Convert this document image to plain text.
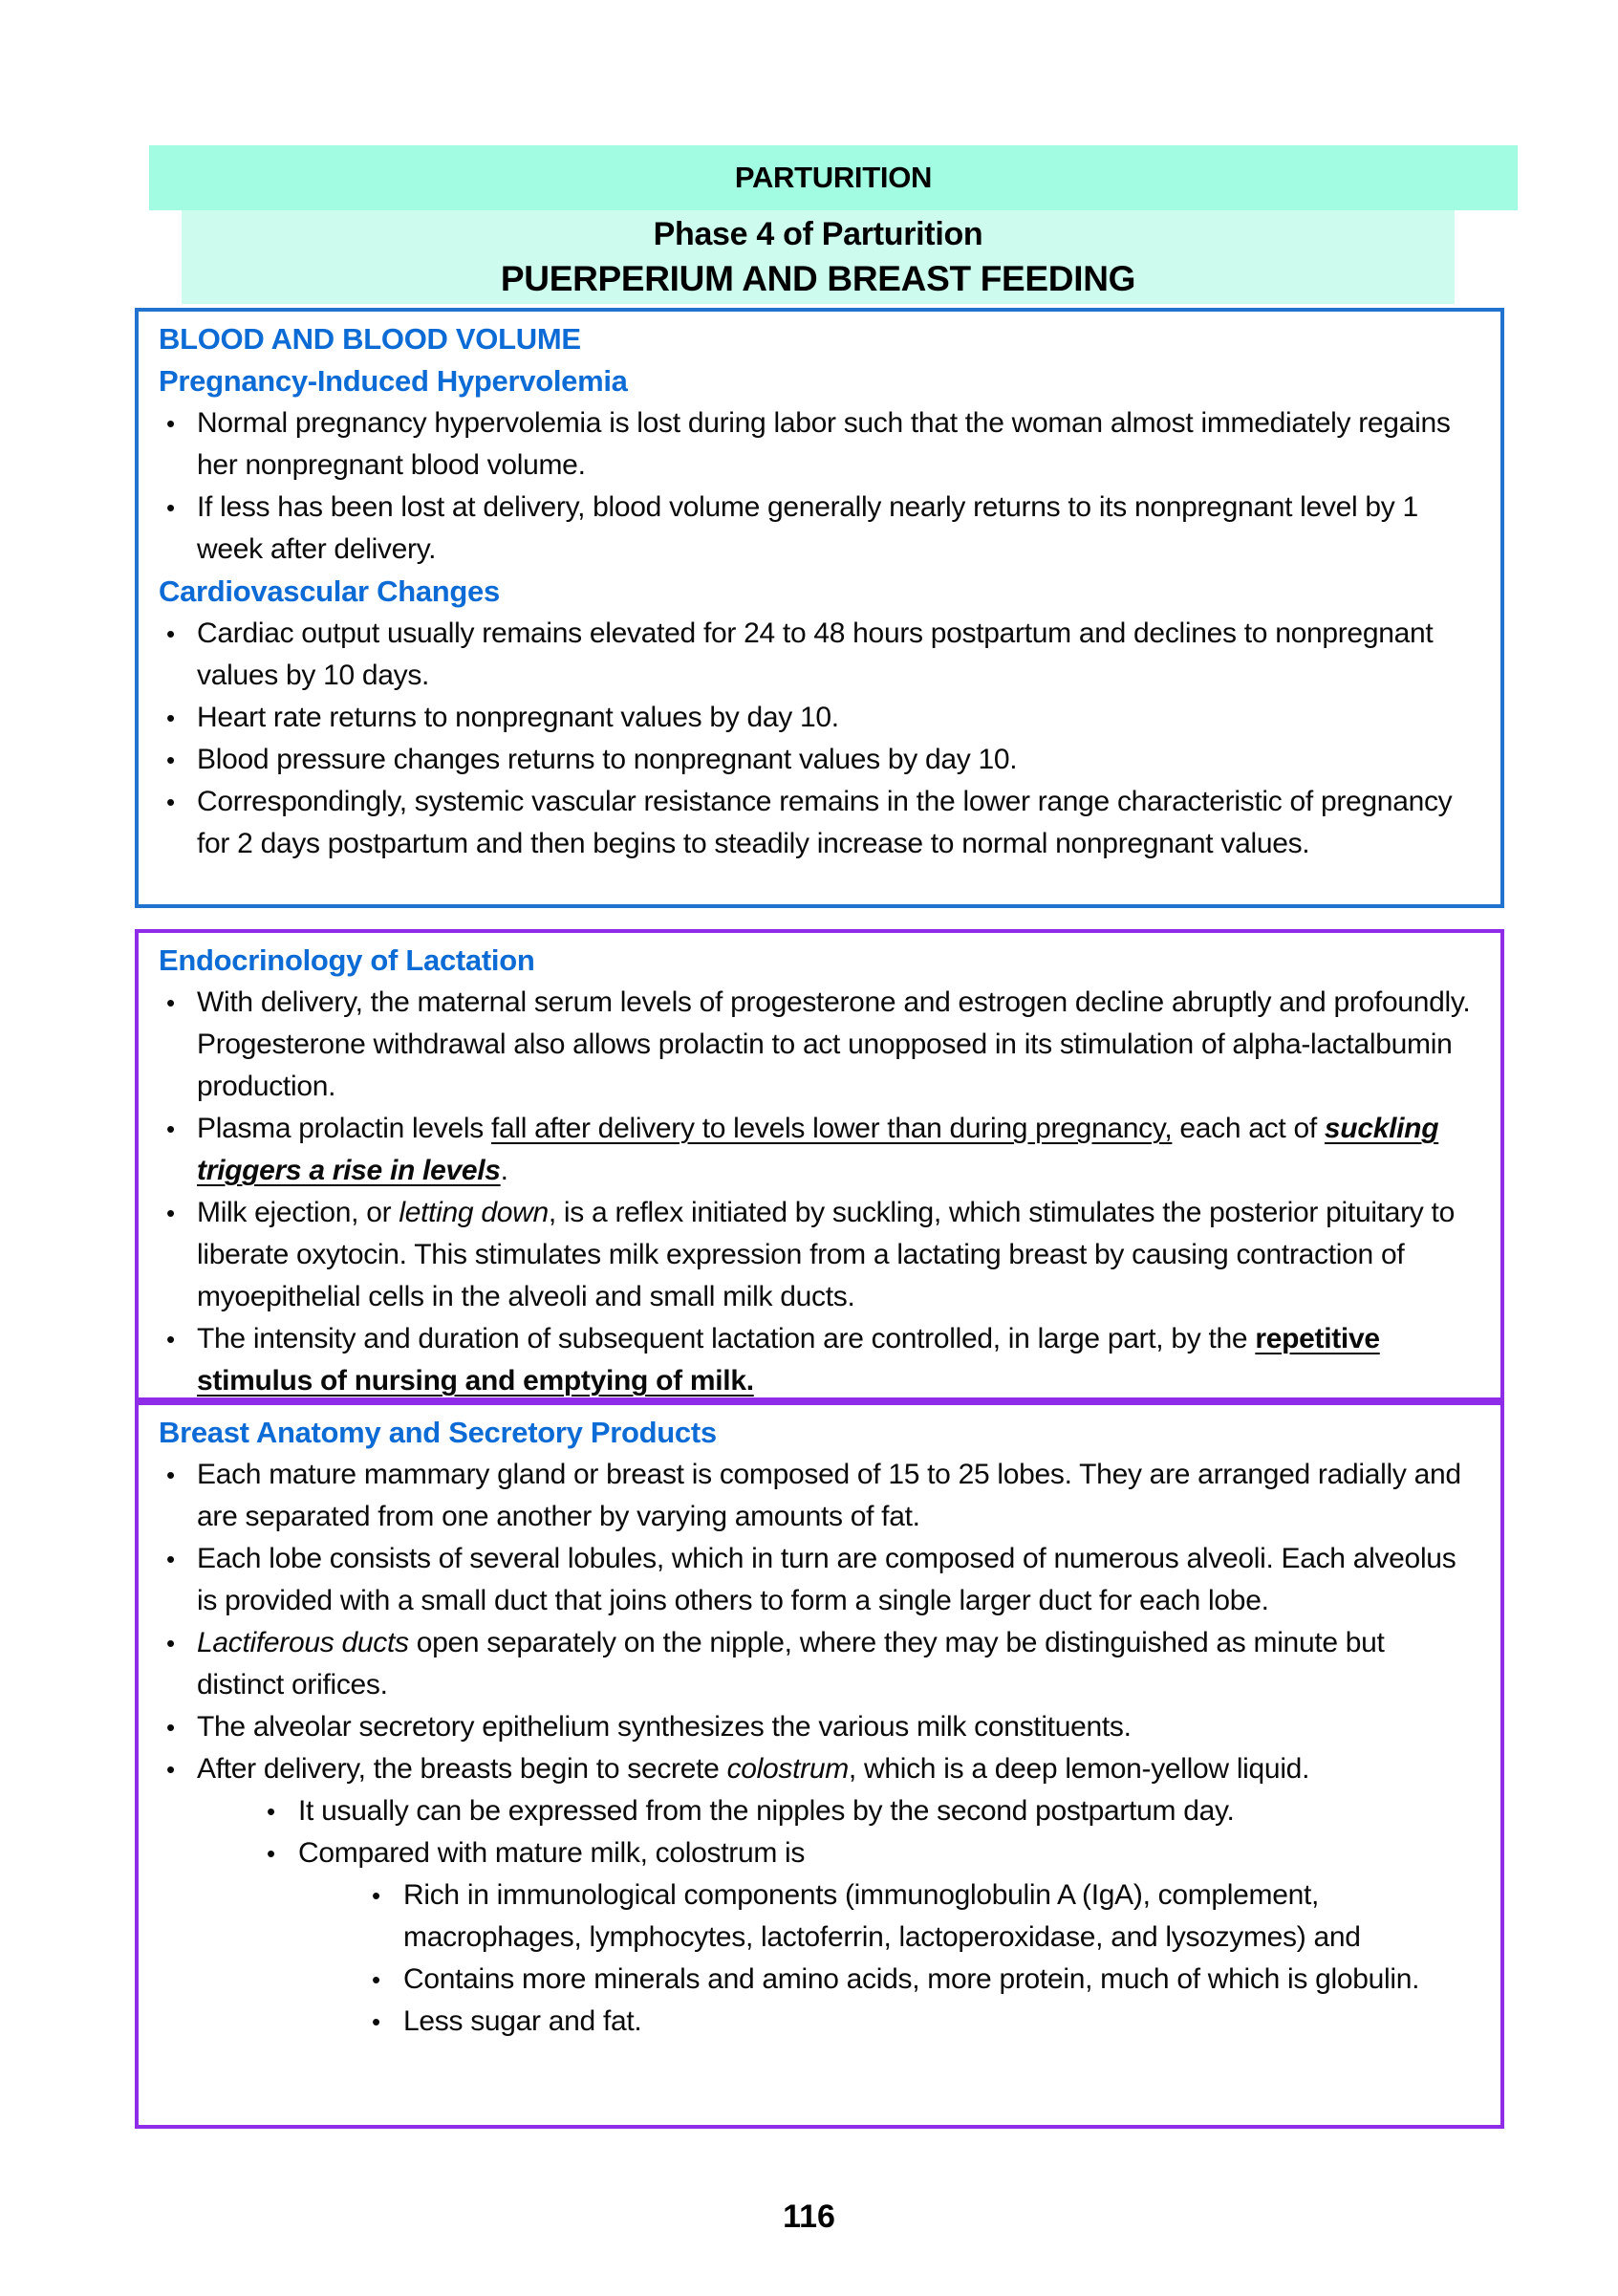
PARTURITION
Phase 4 of Parturition
PUERPERIUM AND BREAST FEEDING
BLOOD AND BLOOD VOLUME
Pregnancy-Induced Hypervolemia
• Normal pregnancy hypervolemia is lost during labor such that the woman almost immediately regains her nonpregnant blood volume.
• If less has been lost at delivery, blood volume generally nearly returns to its nonpregnant level by 1 week after delivery.
Cardiovascular Changes
• Cardiac output usually remains elevated for 24 to 48 hours postpartum and declines to nonpregnant values by 10 days.
• Heart rate returns to nonpregnant values by day 10.
• Blood pressure changes returns to nonpregnant values by day 10.
• Correspondingly, systemic vascular resistance remains in the lower range characteristic of pregnancy for 2 days postpartum and then begins to steadily increase to normal nonpregnant values.
Endocrinology of Lactation
• With delivery, the maternal serum levels of progesterone and estrogen decline abruptly and profoundly. Progesterone withdrawal also allows prolactin to act unopposed in its stimulation of alpha-lactalbumin production.
• Plasma prolactin levels fall after delivery to levels lower than during pregnancy, each act of suckling triggers a rise in levels.
• Milk ejection, or letting down, is a reflex initiated by suckling, which stimulates the posterior pituitary to liberate oxytocin. This stimulates milk expression from a lactating breast by causing contraction of myoepithelial cells in the alveoli and small milk ducts.
• The intensity and duration of subsequent lactation are controlled, in large part, by the repetitive stimulus of nursing and emptying of milk.
Breast Anatomy and Secretory Products
• Each mature mammary gland or breast is composed of 15 to 25 lobes. They are arranged radially and are separated from one another by varying amounts of fat.
• Each lobe consists of several lobules, which in turn are composed of numerous alveoli. Each alveolus is provided with a small duct that joins others to form a single larger duct for each lobe.
• Lactiferous ducts open separately on the nipple, where they may be distinguished as minute but distinct orifices.
• The alveolar secretory epithelium synthesizes the various milk constituents.
• After delivery, the breasts begin to secrete colostrum, which is a deep lemon-yellow liquid.
• It usually can be expressed from the nipples by the second postpartum day.
• Compared with mature milk, colostrum is
• Rich in immunological components (immunoglobulin A (IgA), complement, macrophages, lymphocytes, lactoferrin, lactoperoxidase, and lysozymes) and
• Contains more minerals and amino acids, more protein, much of which is globulin.
• Less sugar and fat.
116
